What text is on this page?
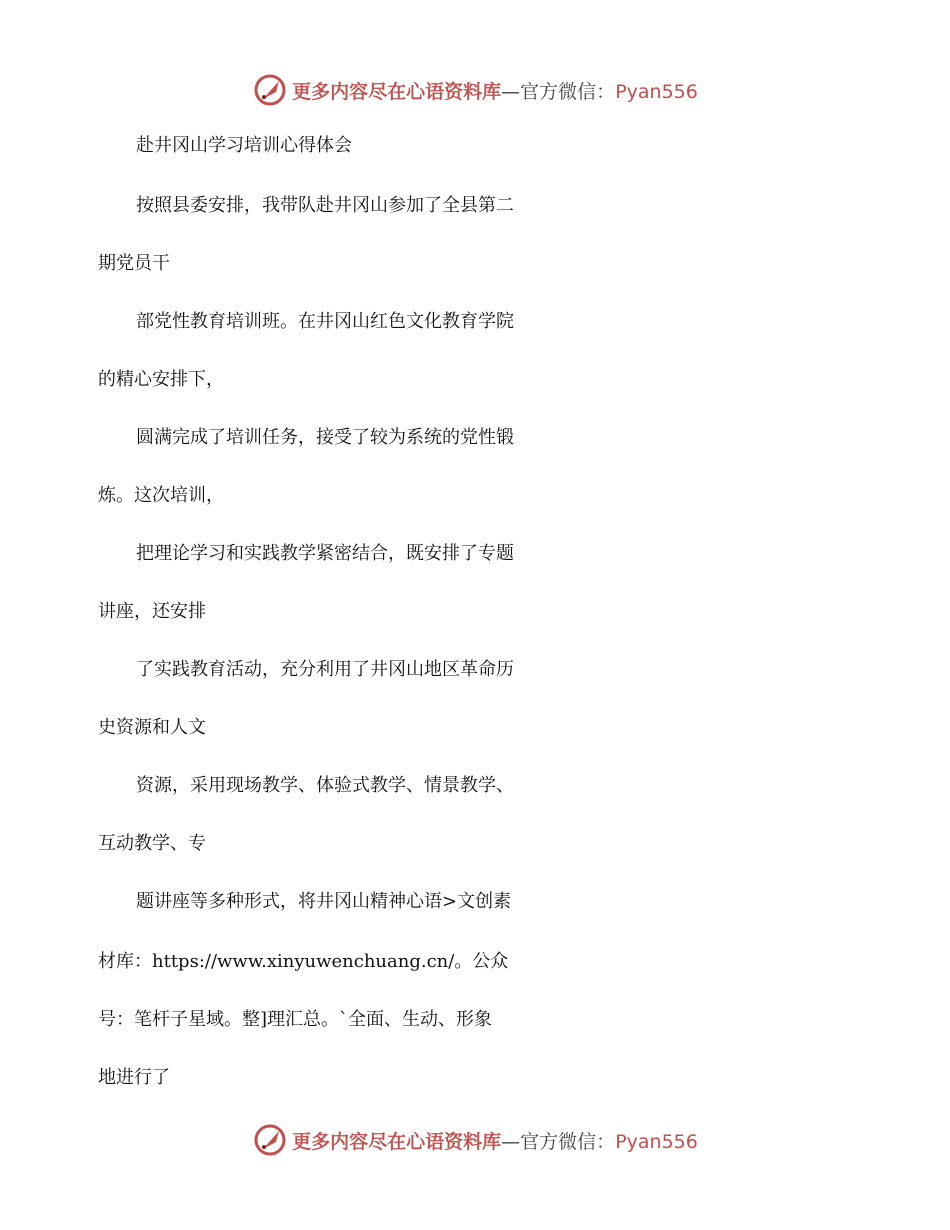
更多内容尽在心语资料库—官方微信：Pyan556
赴井冈山学习培训心得体会
按照县委安排，我带队赴井冈山参加了全县第二
期党员干
部党性教育培训班。在井冈山红色文化教育学院
的精心安排下，
圆满完成了培训任务，接受了较为系统的党性锻
炼。这次培训，
把理论学习和实践教学紧密结合，既安排了专题
讲座，还安排
了实践教育活动，充分利用了井冈山地区革命历
史资源和人文
资源，采用现场教学、体验式教学、情景教学、
互动教学、专
题讲座等多种形式，将井冈山精神心语>文创素
材库：https://www.xinyuwenchuang.cn/。公众
号：笔杆子星域。整]理汇总。`全面、生动、形象
地进行了
更多内容尽在心语资料库—官方微信：Pyan556
